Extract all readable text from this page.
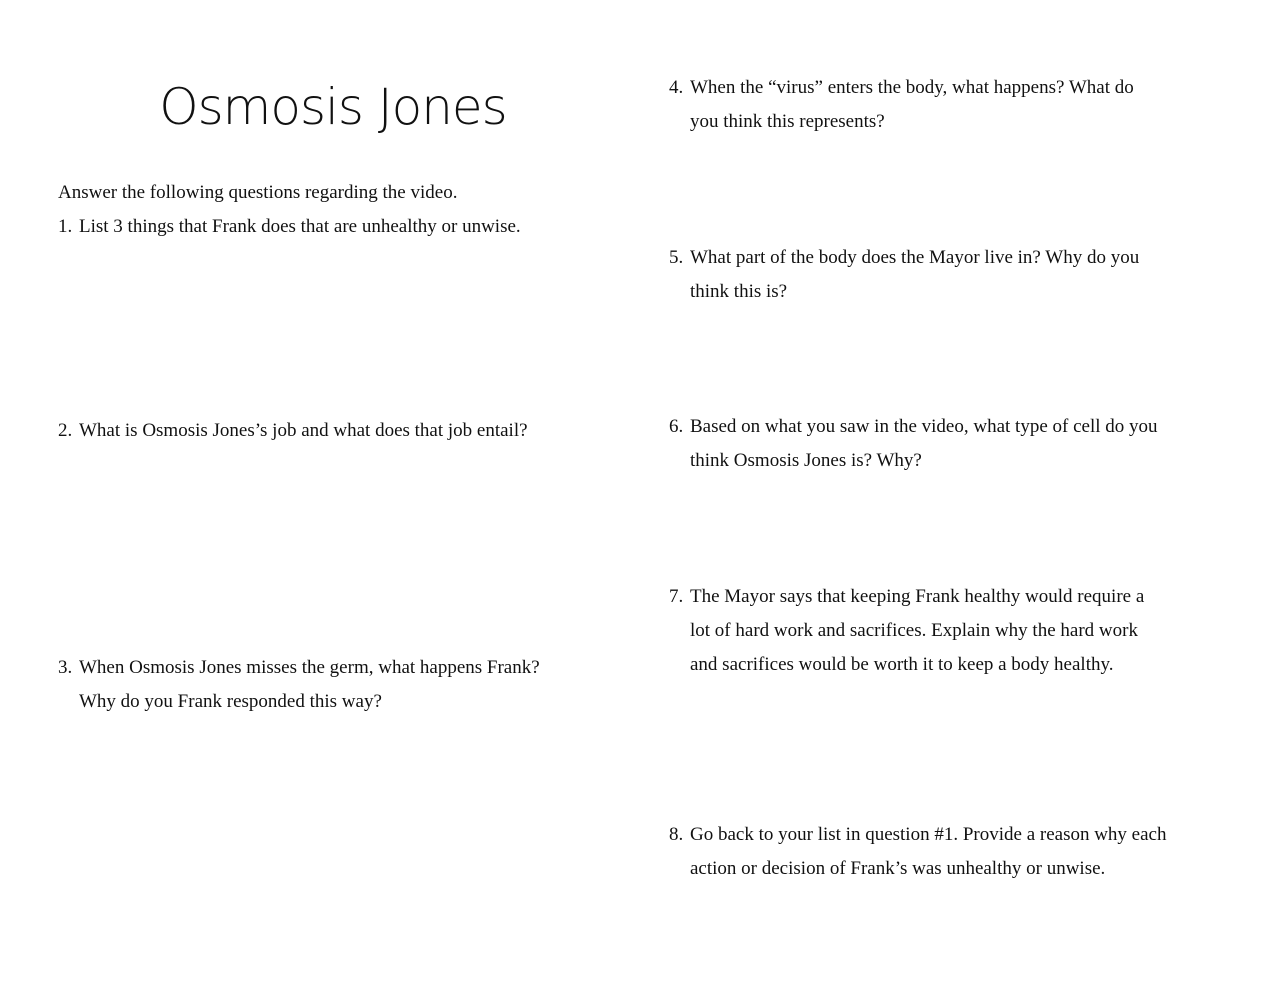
Osmosis Jones
Answer the following questions regarding the video.
1. List 3 things that Frank does that are unhealthy or unwise.
2. What is Osmosis Jones’s job and what does that job entail?
3. When Osmosis Jones misses the germ, what happens Frank?
Why do you Frank responded this way?
4. When the “virus” enters the body, what happens? What do
you think this represents?
5. What part of the body does the Mayor live in? Why do you
think this is?
6. Based on what you saw in the video, what type of cell do you
think Osmosis Jones is? Why?
7. The Mayor says that keeping Frank healthy would require a
lot of hard work and sacrifices. Explain why the hard work
and sacrifices would be worth it to keep a body healthy.
8. Go back to your list in question #1. Provide a reason why each
action or decision of Frank’s was unhealthy or unwise.
